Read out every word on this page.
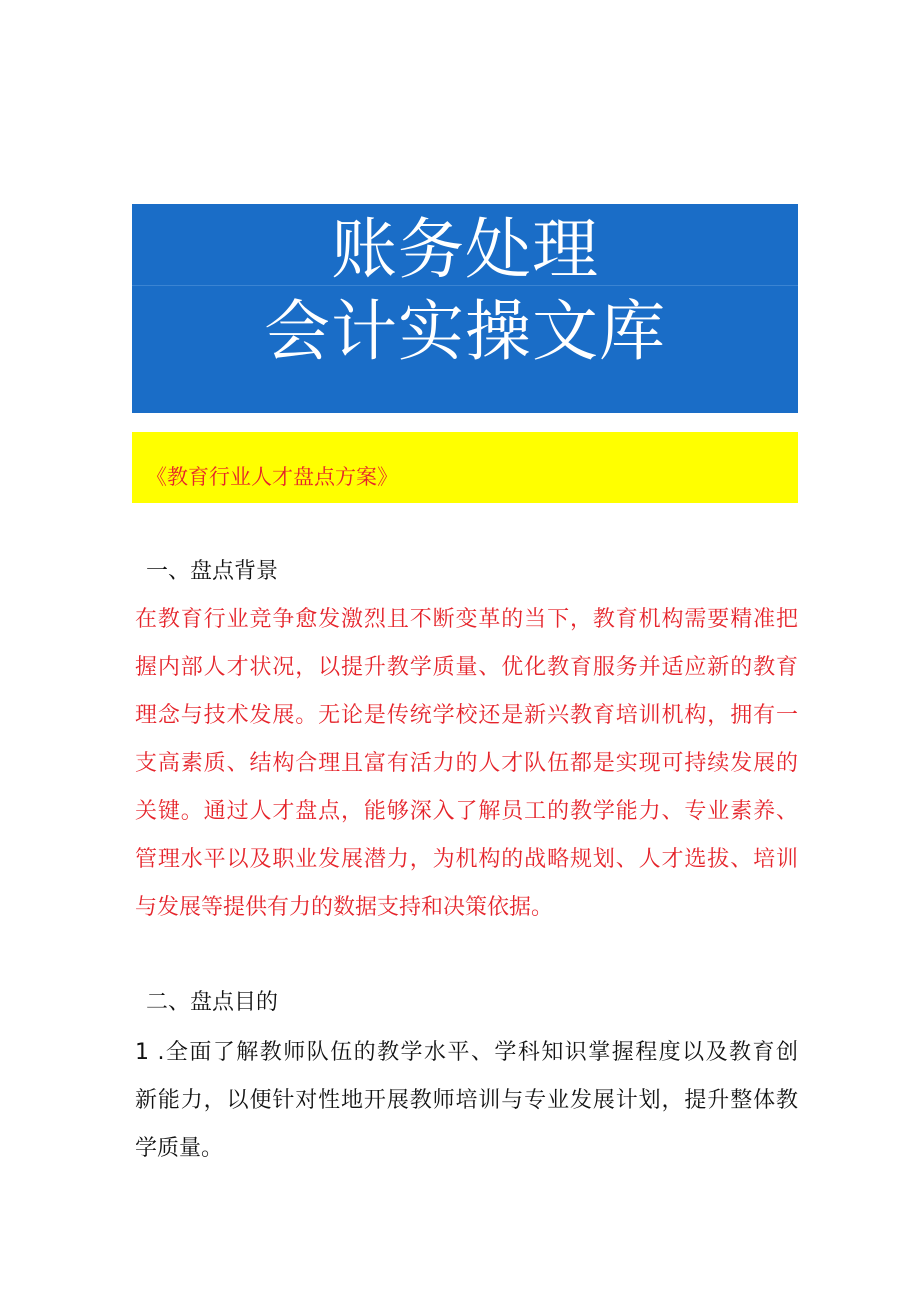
账务处理
会计实操文库
《教育行业人才盘点方案》
一、盘点背景
在教育行业竞争愈发激烈且不断变革的当下，教育机构需要精准把
握内部人才状况，以提升教学质量、优化教育服务并适应新的教育
理念与技术发展。无论是传统学校还是新兴教育培训机构，拥有一
支高素质、结构合理且富有活力的人才队伍都是实现可持续发展的
关键。通过人才盘点，能够深入了解员工的教学能力、专业素养、
管理水平以及职业发展潜力，为机构的战略规划、人才选拔、培训
与发展等提供有力的数据支持和决策依据。
二、盘点目的
1 .全面了解教师队伍的教学水平、学科知识掌握程度以及教育创
新能力，以便针对性地开展教师培训与专业发展计划，提升整体教
学质量。
